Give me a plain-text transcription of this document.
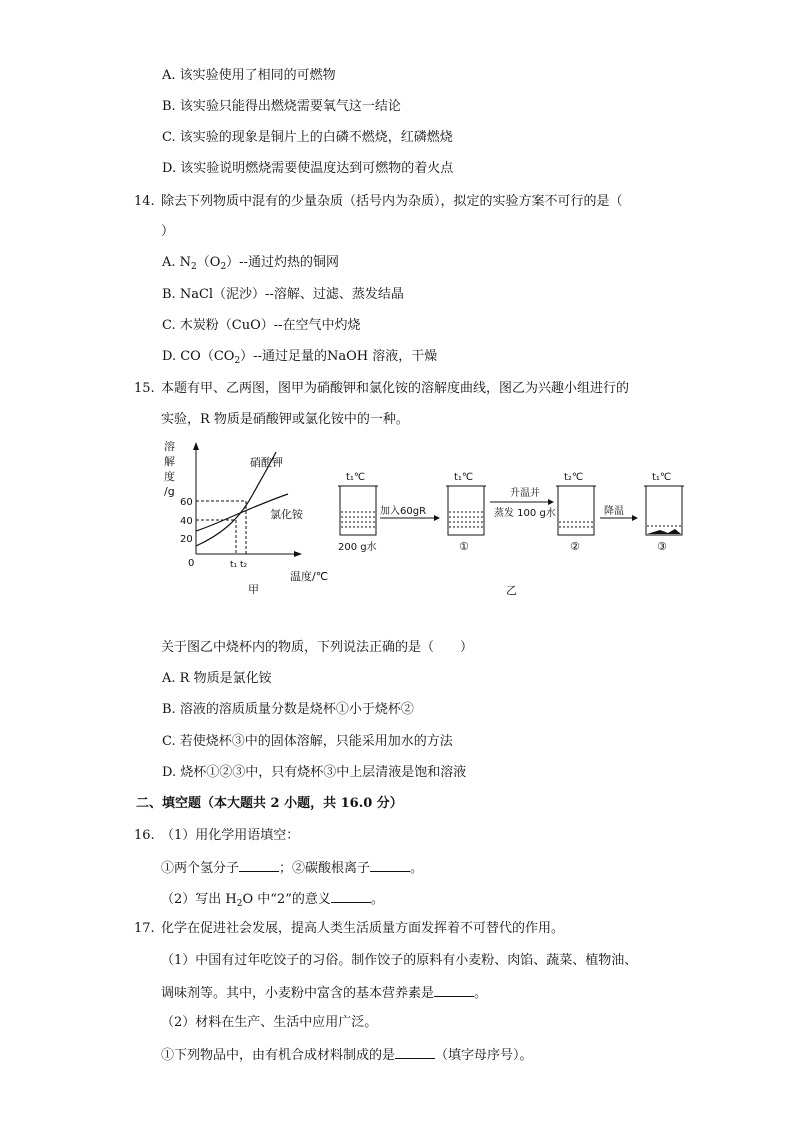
A. 该实验使用了相同的可燃物
B. 该实验只能得出燃烧需要氧气这一结论
C. 该实验的现象是铜片上的白磷不燃烧，红磷燃烧
D. 该实验说明燃烧需要使温度达到可燃物的着火点
14. 除去下列物质中混有的少量杂质（括号内为杂质），拟定的实验方案不可行的是（
）
A. $N_2(O_2)--$通过灼热的铜网
B. NaCl（泥沙）--溶解、过滤、蒸发结晶
C. 木炭粉（CuO）--在空气中灼烧
D. $CO(CO_2)--$通过足量的NaOH 溶液，干燥
15. 本题有甲、乙两图，图甲为硝酸钾和氯化铵的溶解度曲线，图乙为兴趣小组进行的
实验，R 物质是硝酸钾或氯化铵中的一种。
溶
解
度
/g
60
40
20
0
硝酸钾
氯化铵
t₁ t₂
温度/℃
甲
t₁℃
200 g水
加入60gR
t₁℃
①
升温并
蒸发 100 g水
t₂℃
②
降温
t₁℃
③
乙
关于图乙中烧杯内的物质，下列说法正确的是（　　）
A. R 物质是氯化铵
B. 溶液的溶质质量分数是烧杯①小于烧杯②
C. 若使烧杯③中的固体溶解，只能采用加水的方法
D. 烧杯①②③中，只有烧杯③中上层清液是饱和溶液
二、填空题（本大题共 2 小题，共 16.0 分）
16. （1）用化学用语填空：
①两个氢分子	；②碳酸根离子	。
（2）写出 $H_2O$ 中“2”的意义	。
17. 化学在促进社会发展，提高人类生活质量方面发挥着不可替代的作用。
（1）中国有过年吃饺子的习俗。制作饺子的原料有小麦粉、肉馅、蔬菜、植物油、
调味剂等。其中，小麦粉中富含的基本营养素是	。
（2）材料在生产、生活中应用广泛。
①下列物品中，由有机合成材料制成的是	（填字母序号）。
